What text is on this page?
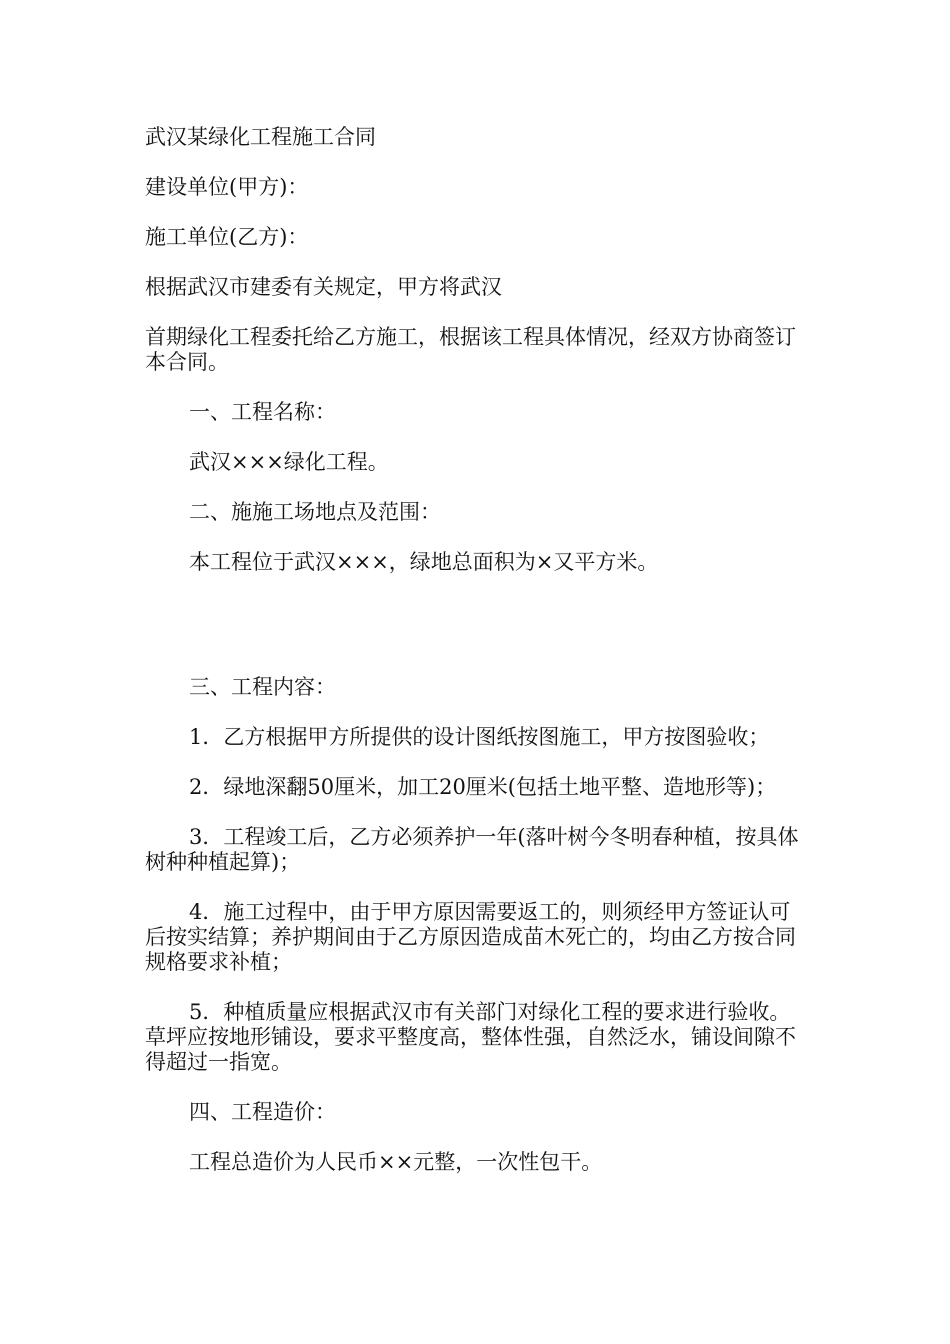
武汉某绿化工程施工合同
建设单位(甲方)：
施工单位(乙方)：
根据武汉市建委有关规定，甲方将武汉
首期绿化工程委托给乙方施工，根据该工程具体情况，经双方协商签订本合同。
一、工程名称：
武汉×××绿化工程。
二、施施工场地点及范围：
本工程位于武汉×××，绿地总面积为×又平方米。
三、工程内容：
1．乙方根据甲方所提供的设计图纸按图施工，甲方按图验收；
2．绿地深翻50厘米，加工20厘米(包括土地平整、造地形等)；
3．工程竣工后，乙方必须养护一年(落叶树今冬明春种植，按具体树种种植起算)；
4．施工过程中，由于甲方原因需要返工的，则须经甲方签证认可后按实结算；养护期间由于乙方原因造成苗木死亡的，均由乙方按合同规格要求补植；
5．种植质量应根据武汉市有关部门对绿化工程的要求进行验收。草坪应按地形铺设，要求平整度高，整体性强，自然泛水，铺设间隙不得超过一指宽。
四、工程造价：
工程总造价为人民币××元整，一次性包干。
